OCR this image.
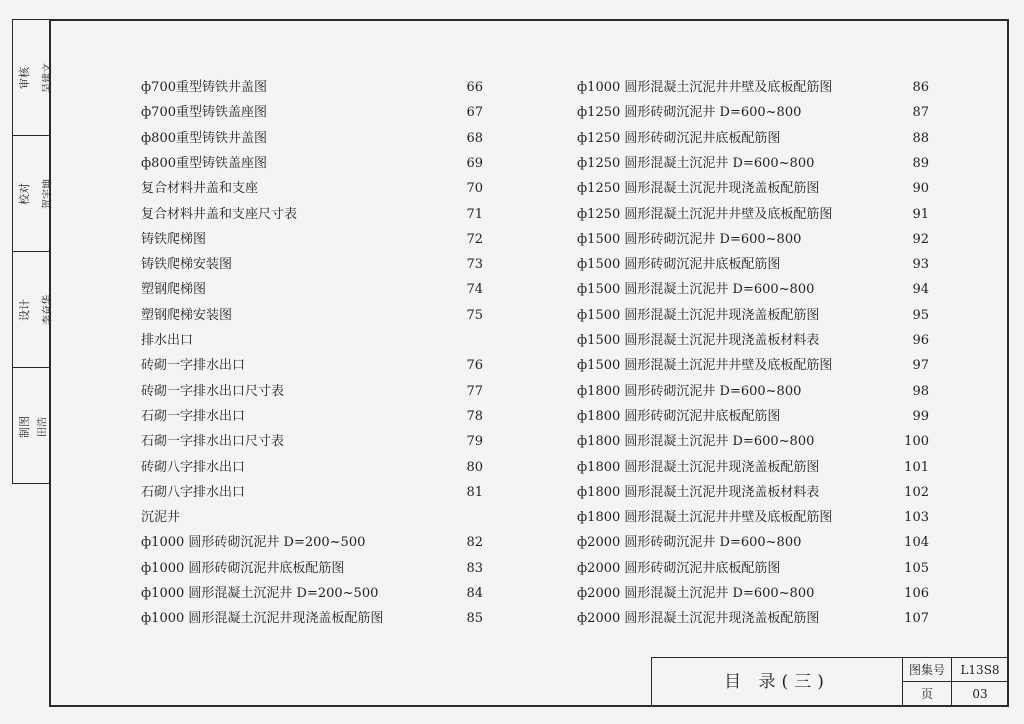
审核	吴建文
校对	贺宇坤
设计	李奋华
制图 田浩
ф700重型铸铁井盖图	66
ф700重型铸铁盖座图	67
ф800重型铸铁井盖图	68
ф800重型铸铁盖座图	69
复合材料井盖和支座	70
复合材料井盖和支座尺寸表	71
铸铁爬梯图	72
铸铁爬梯安装图	73
塑钢爬梯图	74
塑钢爬梯安装图	75
排水出口
砖砌一字排水出口	76
砖砌一字排水出口尺寸表	77
石砌一字排水出口	78
石砌一字排水出口尺寸表	79
砖砌八字排水出口	80
石砌八字排水出口	81
沉泥井
ф1000 圆形砖砌沉泥井 D=200~500	82
ф1000 圆形砖砌沉泥井底板配筋图	83
ф1000 圆形混凝土沉泥井 D=200~500	84
ф1000 圆形混凝土沉泥井现浇盖板配筋图	85
ф1000 圆形混凝土沉泥井井壁及底板配筋图	86
ф1250 圆形砖砌沉泥井 D=600~800	87
ф1250 圆形砖砌沉泥井底板配筋图	88
ф1250 圆形混凝土沉泥井 D=600~800	89
ф1250 圆形混凝土沉泥井现浇盖板配筋图	90
ф1250 圆形混凝土沉泥井井壁及底板配筋图	91
ф1500 圆形砖砌沉泥井 D=600~800	92
ф1500 圆形砖砌沉泥井底板配筋图	93
ф1500 圆形混凝土沉泥井 D=600~800	94
ф1500 圆形混凝土沉泥井现浇盖板配筋图	95
ф1500 圆形混凝土沉泥井现浇盖板材料表	96
ф1500 圆形混凝土沉泥井井壁及底板配筋图	97
ф1800 圆形砖砌沉泥井 D=600~800	98
ф1800 圆形砖砌沉泥井底板配筋图	99
ф1800 圆形混凝土沉泥井 D=600~800	100
ф1800 圆形混凝土沉泥井现浇盖板配筋图	101
ф1800 圆形混凝土沉泥井现浇盖板材料表	102
ф1800 圆形混凝土沉泥井井壁及底板配筋图	103
ф2000 圆形砖砌沉泥井 D=600~800	104
ф2000 圆形砖砌沉泥井底板配筋图	105
ф2000 圆形混凝土沉泥井 D=600~800	106
ф2000 圆形混凝土沉泥井现浇盖板配筋图	107
目 录(三)
图集号	L13S8
页	03
